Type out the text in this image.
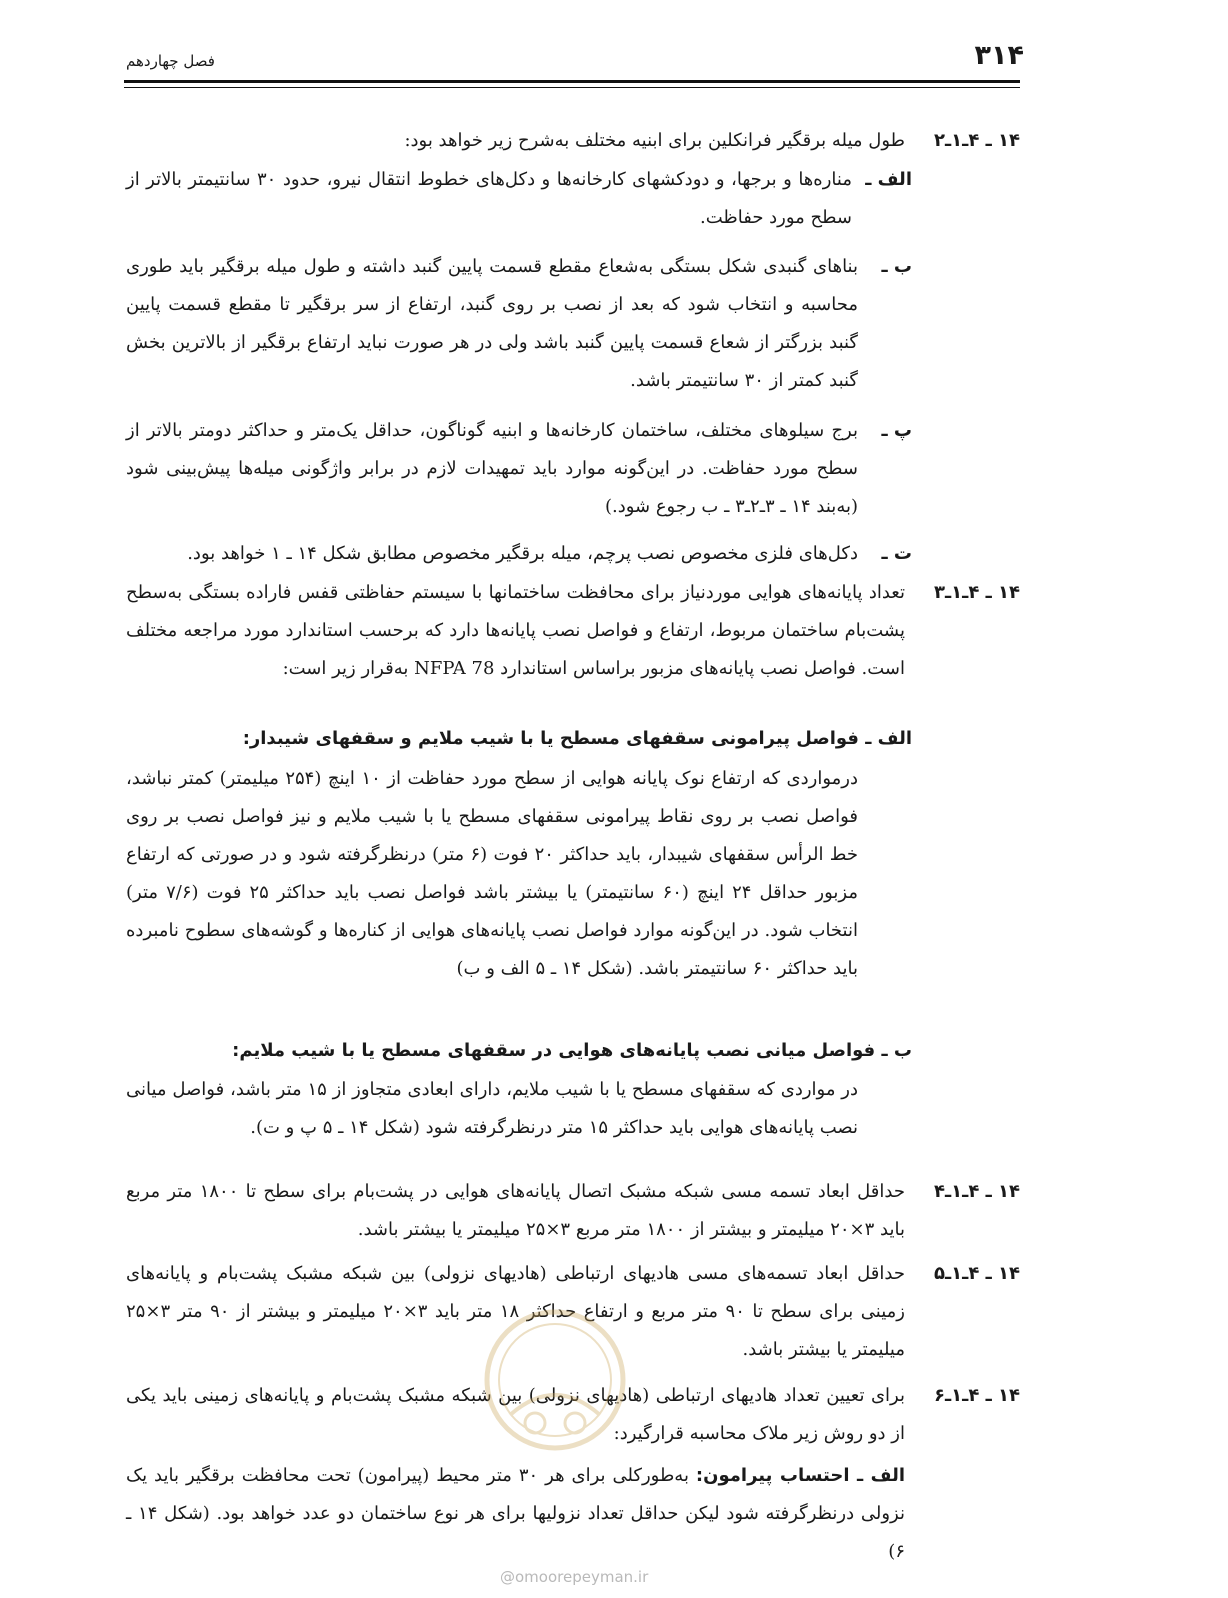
۳۱۴
فصل چهاردهم
۱۴ ـ ۴ـ۱ـ۲
طول میله برقگیر فرانکلین برای ابنیه مختلف به‌شرح زیر خواهد بود:
الف ـ
مناره‌ها و برجها، و دودکشهای کارخانه‌ها و دکل‌های خطوط انتقال نیرو، حدود ۳۰ سانتیمتر بالاتر از سطح مورد حفاظت.
ب ـ
بناهای گنبدی شکل بستگی به‌شعاع مقطع قسمت پایین گنبد داشته و طول میله برقگیر باید طوری محاسبه و انتخاب شود که بعد از نصب بر روی گنبد، ارتفاع از سر برقگیر تا مقطع قسمت پایین گنبد بزرگتر از شعاع قسمت پایین گنبد باشد ولی در هر صورت نباید ارتفاع برقگیر از بالاترین بخش گنبد کمتر از ۳۰ سانتیمتر باشد.
پ ـ
برج سیلوهای مختلف، ساختمان کارخانه‌ها و ابنیه گوناگون، حداقل یک‌متر و حداکثر دومتر بالاتر از سطح مورد حفاظت. در این‌گونه موارد باید تمهیدات لازم در برابر واژگونی میله‌ها پیش‌بینی شود (به‌بند ۱۴ ـ ۳ـ۲ـ۳ ـ ب رجوع شود.)
ت ـ
دکل‌های فلزی مخصوص نصب پرچم، میله برقگیر مخصوص مطابق شکل ۱۴ ـ ۱ خواهد بود.
۱۴ ـ ۴ـ۱ـ۳
تعداد پایانه‌های هوایی موردنیاز برای محافظت ساختمانها با سیستم حفاظتی قفس فاراده بستگی به‌سطح پشت‌بام ساختمان مربوط، ارتفاع و فواصل نصب پایانه‌ها دارد که برحسب استاندارد مورد مراجعه مختلف است. فواصل نصب پایانه‌های مزبور براساس استاندارد NFPA 78 به‌قرار زیر است:
الف ـ فواصل پیرامونی سقفهای مسطح یا با شیب ملایم و سقفهای شیبدار:
درمواردی که ارتفاع نوک پایانه هوایی از سطح مورد حفاظت از ۱۰ اینچ (۲۵۴ میلیمتر) کمتر نباشد، فواصل نصب بر روی نقاط پیرامونی سقفهای مسطح یا با شیب ملایم و نیز فواصل نصب بر روی خط الرأس سقفهای شیبدار، باید حداکثر ۲۰ فوت (۶ متر) درنظرگرفته شود و در صورتی که ارتفاع مزبور حداقل ۲۴ اینچ (۶۰ سانتیمتر) یا بیشتر باشد فواصل نصب باید حداکثر ۲۵ فوت (۷/۶ متر) انتخاب شود. در این‌گونه موارد فواصل نصب پایانه‌های هوایی از کناره‌ها و گوشه‌های سطوح نامبرده باید حداکثر ۶۰ سانتیمتر باشد. (شکل ۱۴ ـ ۵ الف و ب)
ب ـ فواصل میانی نصب پایانه‌های هوایی در سقفهای مسطح یا با شیب ملایم:
در مواردی که سقفهای مسطح یا با شیب ملایم، دارای ابعادی متجاوز از ۱۵ متر باشد، فواصل میانی نصب پایانه‌های هوایی باید حداکثر ۱۵ متر درنظرگرفته شود (شکل ۱۴ ـ ۵ پ و ت).
۱۴ ـ ۴ـ۱ـ۴
حداقل ابعاد تسمه مسی شبکه مشبک اتصال پایانه‌های هوایی در پشت‌بام برای سطح تا ۱۸۰۰ متر مربع باید ۳×۲۰ میلیمتر و بیشتر از ۱۸۰۰ متر مربع ۳×۲۵ میلیمتر یا بیشتر باشد.
۱۴ ـ ۴ـ۱ـ۵
حداقل ابعاد تسمه‌های مسی هادیهای ارتباطی (هادیهای نزولی) بین شبکه مشبک پشت‌بام و پایانه‌های زمینی برای سطح تا ۹۰ متر مربع و ارتفاع حداکثر ۱۸ متر باید ۳×۲۰ میلیمتر و بیشتر از ۹۰ متر ۳×۲۵ میلیمتر یا بیشتر باشد.
۱۴ ـ ۴ـ۱ـ۶
برای تعیین تعداد هادیهای ارتباطی (هادیهای نزولی) بین شبکه مشبک پشت‌بام و پایانه‌های زمینی باید یکی از دو روش زیر ملاک محاسبه قرار‌گیرد:
الف ـ احتساب پیرامون: به‌طورکلی برای هر ۳۰ متر محیط (پیرامون) تحت محافظت برقگیر باید یک نزولی درنظرگرفته شود لیکن حداقل تعداد نزولیها برای هر نوع ساختمان دو عدد خواهد بود. (شکل ۱۴ ـ ۶)
@omoorepeyman.ir
